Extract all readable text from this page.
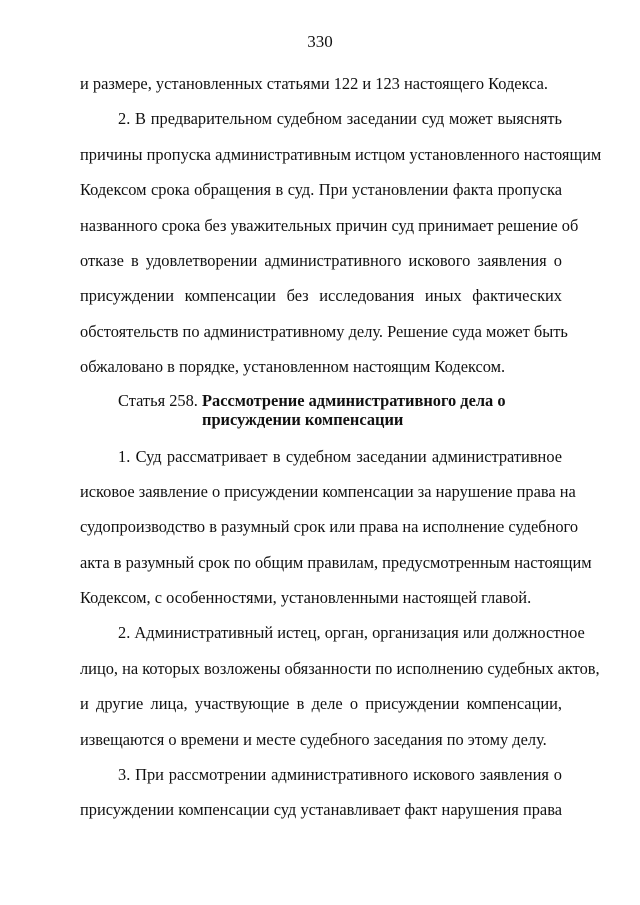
330
и размере, установленных статьями 122 и 123 настоящего Кодекса.
2. В предварительном судебном заседании суд может выяснять
причины пропуска административным истцом установленного настоящим
Кодексом срока обращения в суд. При установлении факта пропуска
названного срока без уважительных причин суд принимает решение об
отказе в удовлетворении административного искового заявления о
присуждении компенсации без исследования иных фактических
обстоятельств по административному делу. Решение суда может быть
обжаловано в порядке, установленном настоящим Кодексом.
Статья 258. Рассмотрение административного дела о
присуждении компенсации
1. Суд рассматривает в судебном заседании административное
исковое заявление о присуждении компенсации за нарушение права на
судопроизводство в разумный срок или права на исполнение судебного
акта в разумный срок по общим правилам, предусмотренным настоящим
Кодексом, с особенностями, установленными настоящей главой.
2. Административный истец, орган, организация или должностное
лицо, на которых возложены обязанности по исполнению судебных актов,
и другие лица, участвующие в деле о присуждении компенсации,
извещаются о времени и месте судебного заседания по этому делу.
3. При рассмотрении административного искового заявления о
присуждении компенсации суд устанавливает факт нарушения права
